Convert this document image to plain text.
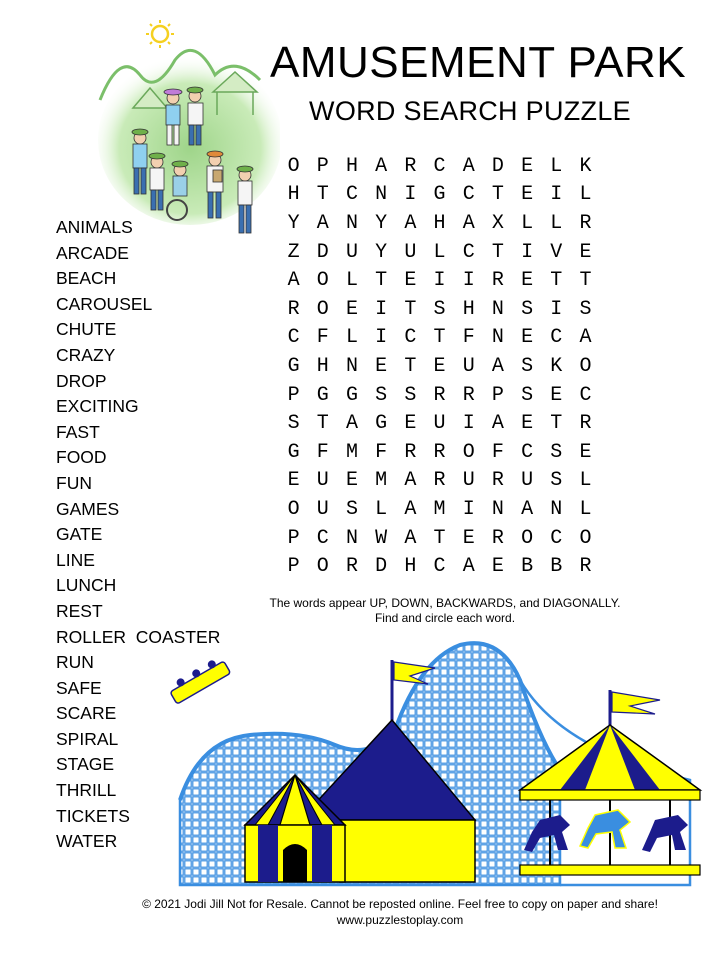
AMUSEMENT PARK
WORD SEARCH PUZZLE
O P H A R C A D E L K
H T C N I G C T E I L
Y A N Y A H A X L L R
Z D U Y U L C T I V E
A O L T E I I R E T T
R O E I T S H N S I S
C F L I C T F N E C A
G H N E T E U A S K O
P G G S S R R P S E C
S T A G E U I A E T R
G F M F R R O F C S E
E U E M A R U R U S L
O U S L A M I N A N L
P C N W A T E R O C O
P O R D H C A E B B R
ANIMALS
ARCADE
BEACH
CAROUSEL
CHUTE
CRAZY
DROP
EXCITING
FAST
FOOD
FUN
GAMES
GATE
LINE
LUNCH
REST
ROLLER  COASTER
RUN
SAFE
SCARE
SPIRAL
STAGE
THRILL
TICKETS
WATER
The words appear UP, DOWN, BACKWARDS, and DIAGONALLY.
Find and circle each word.
© 2021 Jodi Jill Not for Resale. Cannot be reposted online. Feel free to copy on paper and share!
www.puzzlestoplay.com
